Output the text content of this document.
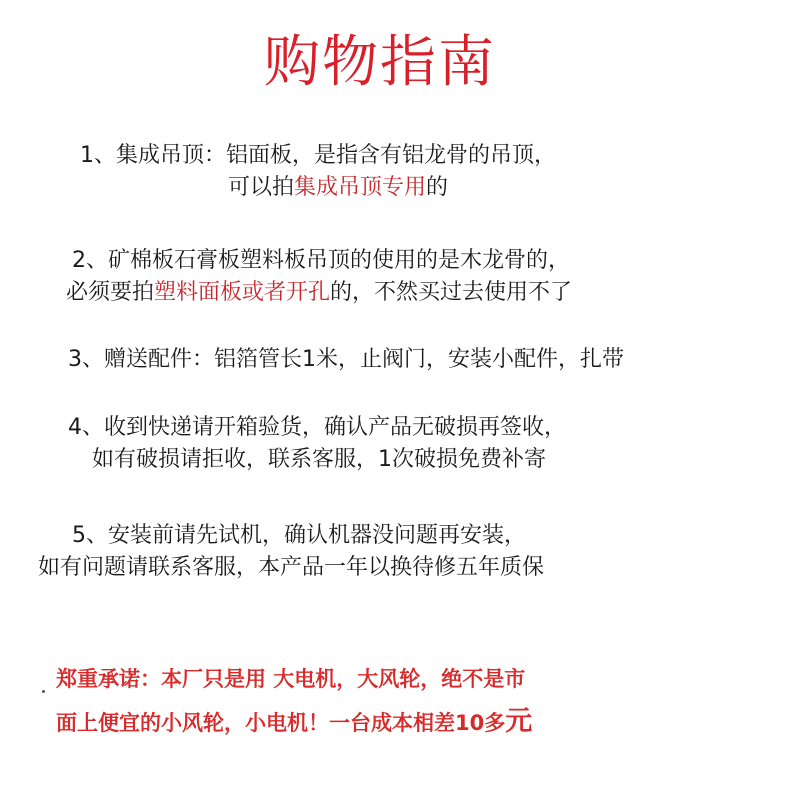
购物指南
1、集成吊顶：铝面板，是指含有铝龙骨的吊顶，
可以拍集成吊顶专用的
2、矿棉板石膏板塑料板吊顶的使用的是木龙骨的，
必须要拍塑料面板或者开孔的，不然买过去使用不了
3、赠送配件：铝箔管长1米，止阀门，安装小配件，扎带
4、收到快递请开箱验货，确认产品无破损再签收，
如有破损请拒收，联系客服，1次破损免费补寄
5、安装前请先试机，确认机器没问题再安装，
如有问题请联系客服，本产品一年以换待修五年质保
郑重承诺：本厂只是用 大电机，大风轮，绝不是市
面上便宜的小风轮，小电机！一台成本相差10多元
